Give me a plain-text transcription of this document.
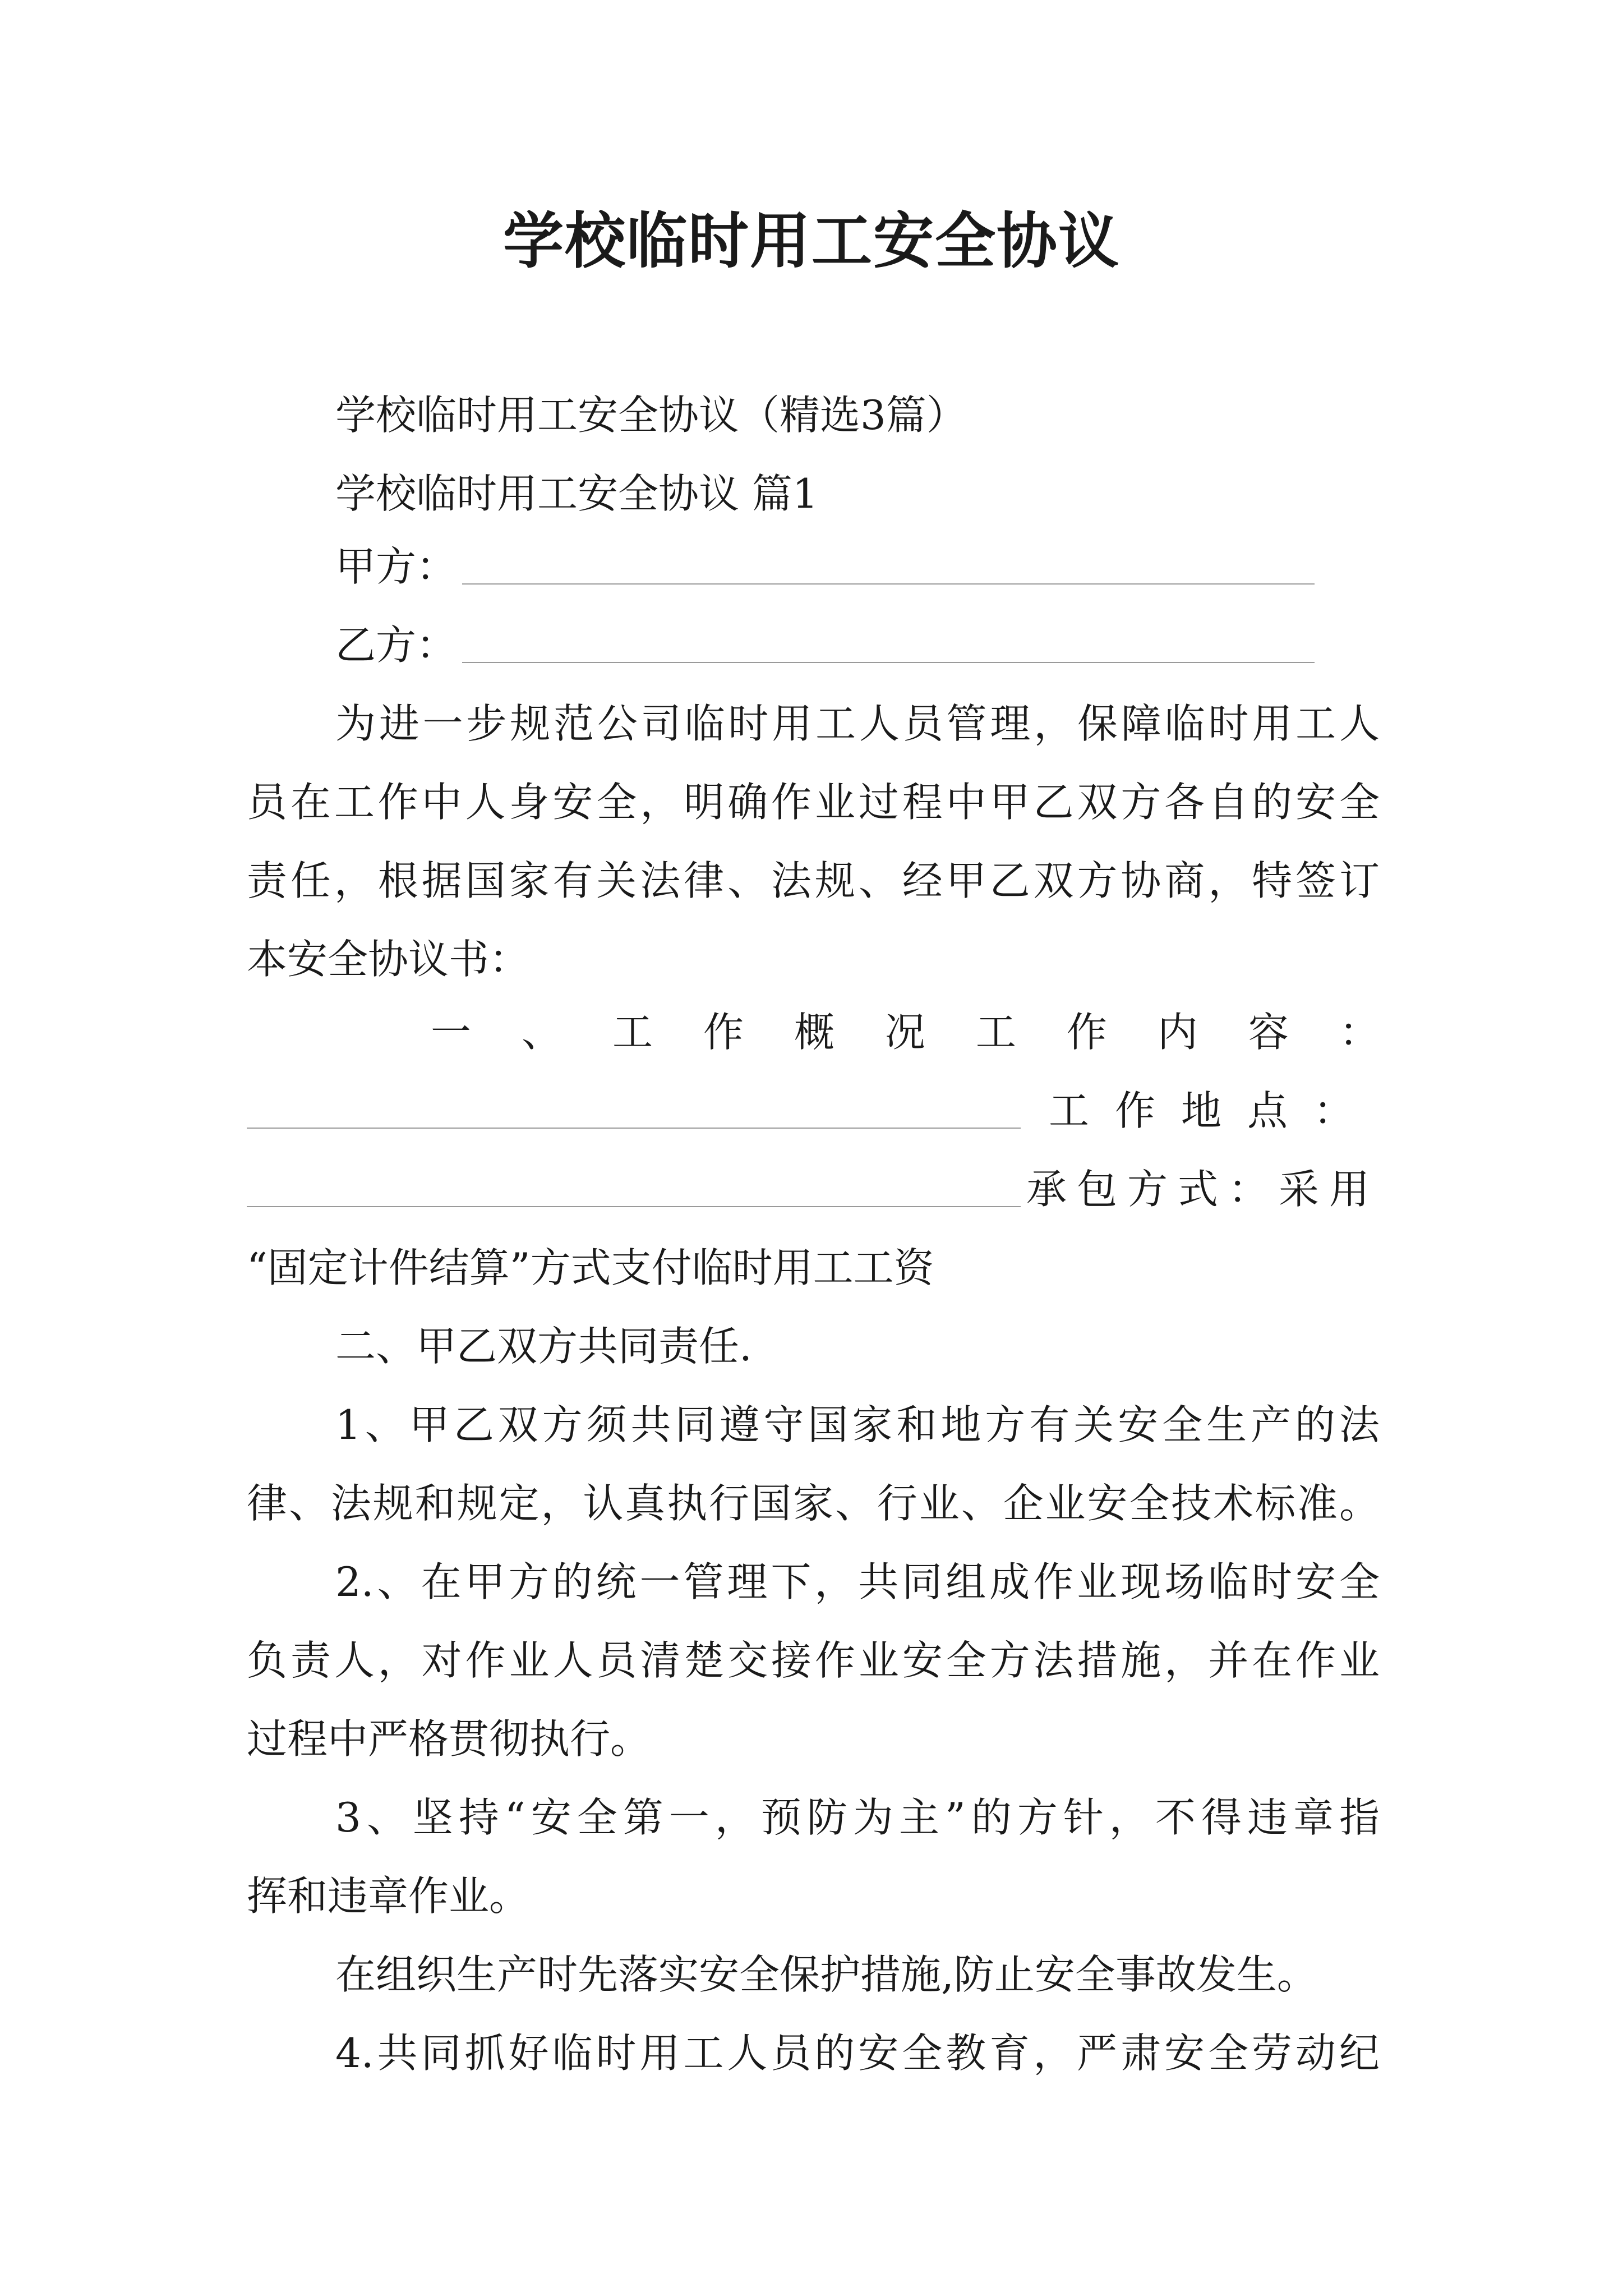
学校临时用工安全协议
学校临时用工安全协议（精选3篇）
学校临时用工安全协议 篇1
甲方：
乙方：
为进一步规范公司临时用工人员管理，保障临时用工人
员在工作中人身安全，明确作业过程中甲乙双方各自的安全
责任，根据国家有关法律、法规、经甲乙双方协商，特签订
本安全协议书：
一 、 工 作 概 况 工 作 内 容 ：
工作地点：
承包方式：采用
“固定计件结算”方式支付临时用工工资
二、甲乙双方共同责任.
1、甲乙双方须共同遵守国家和地方有关安全生产的法
律、法规和规定，认真执行国家、行业、企业安全技术标准。
2.、在甲方的统一管理下，共同组成作业现场临时安全
负责人，对作业人员清楚交接作业安全方法措施，并在作业
过程中严格贯彻执行。
3、坚持“安全第一，预防为主”的方针，不得违章指
挥和违章作业。
在组织生产时先落实安全保护措施,防止安全事故发生。
4.共同抓好临时用工人员的安全教育，严肃安全劳动纪
